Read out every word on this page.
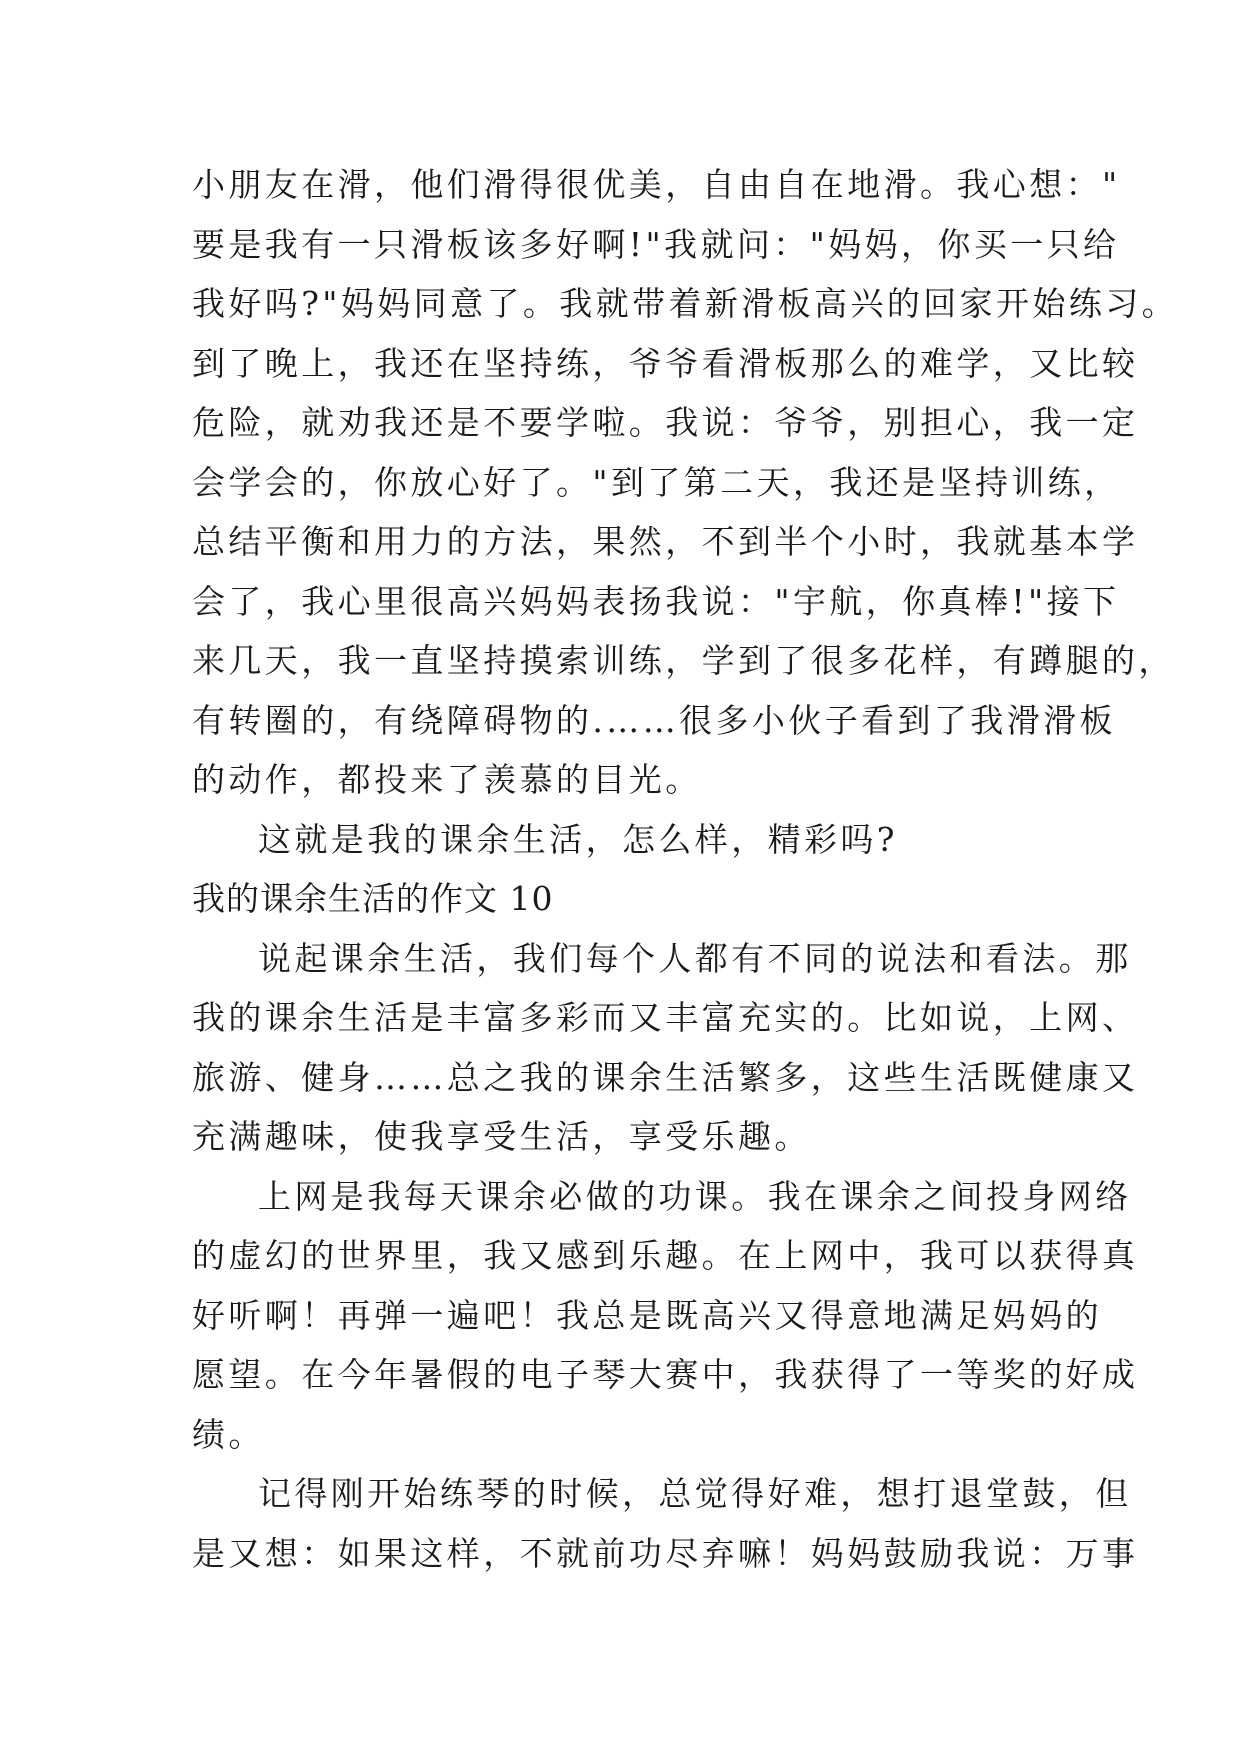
小朋友在滑，他们滑得很优美，自由自在地滑。我心想："
要是我有一只滑板该多好啊!"我就问："妈妈，你买一只给
我好吗?"妈妈同意了。我就带着新滑板高兴的回家开始练习。
到了晚上，我还在坚持练，爷爷看滑板那么的难学，又比较
危险，就劝我还是不要学啦。我说：爷爷，别担心，我一定
会学会的，你放心好了。"到了第二天，我还是坚持训练，
总结平衡和用力的方法，果然，不到半个小时，我就基本学
会了，我心里很高兴妈妈表扬我说："宇航，你真棒!"接下
来几天，我一直坚持摸索训练，学到了很多花样，有蹲腿的，
有转圈的，有绕障碍物的.……很多小伙子看到了我滑滑板
的动作，都投来了羡慕的目光。
这就是我的课余生活，怎么样，精彩吗?
我的课余生活的作文 10
说起课余生活，我们每个人都有不同的说法和看法。那
我的课余生活是丰富多彩而又丰富充实的。比如说，上网、
旅游、健身……总之我的课余生活繁多，这些生活既健康又
充满趣味，使我享受生活，享受乐趣。
上网是我每天课余必做的功课。我在课余之间投身网络
的虚幻的世界里，我又感到乐趣。在上网中，我可以获得真
好听啊！再弹一遍吧！我总是既高兴又得意地满足妈妈的
愿望。在今年暑假的电子琴大赛中，我获得了一等奖的好成
绩。
记得刚开始练琴的时候，总觉得好难，想打退堂鼓，但
是又想：如果这样，不就前功尽弃嘛！妈妈鼓励我说：万事
